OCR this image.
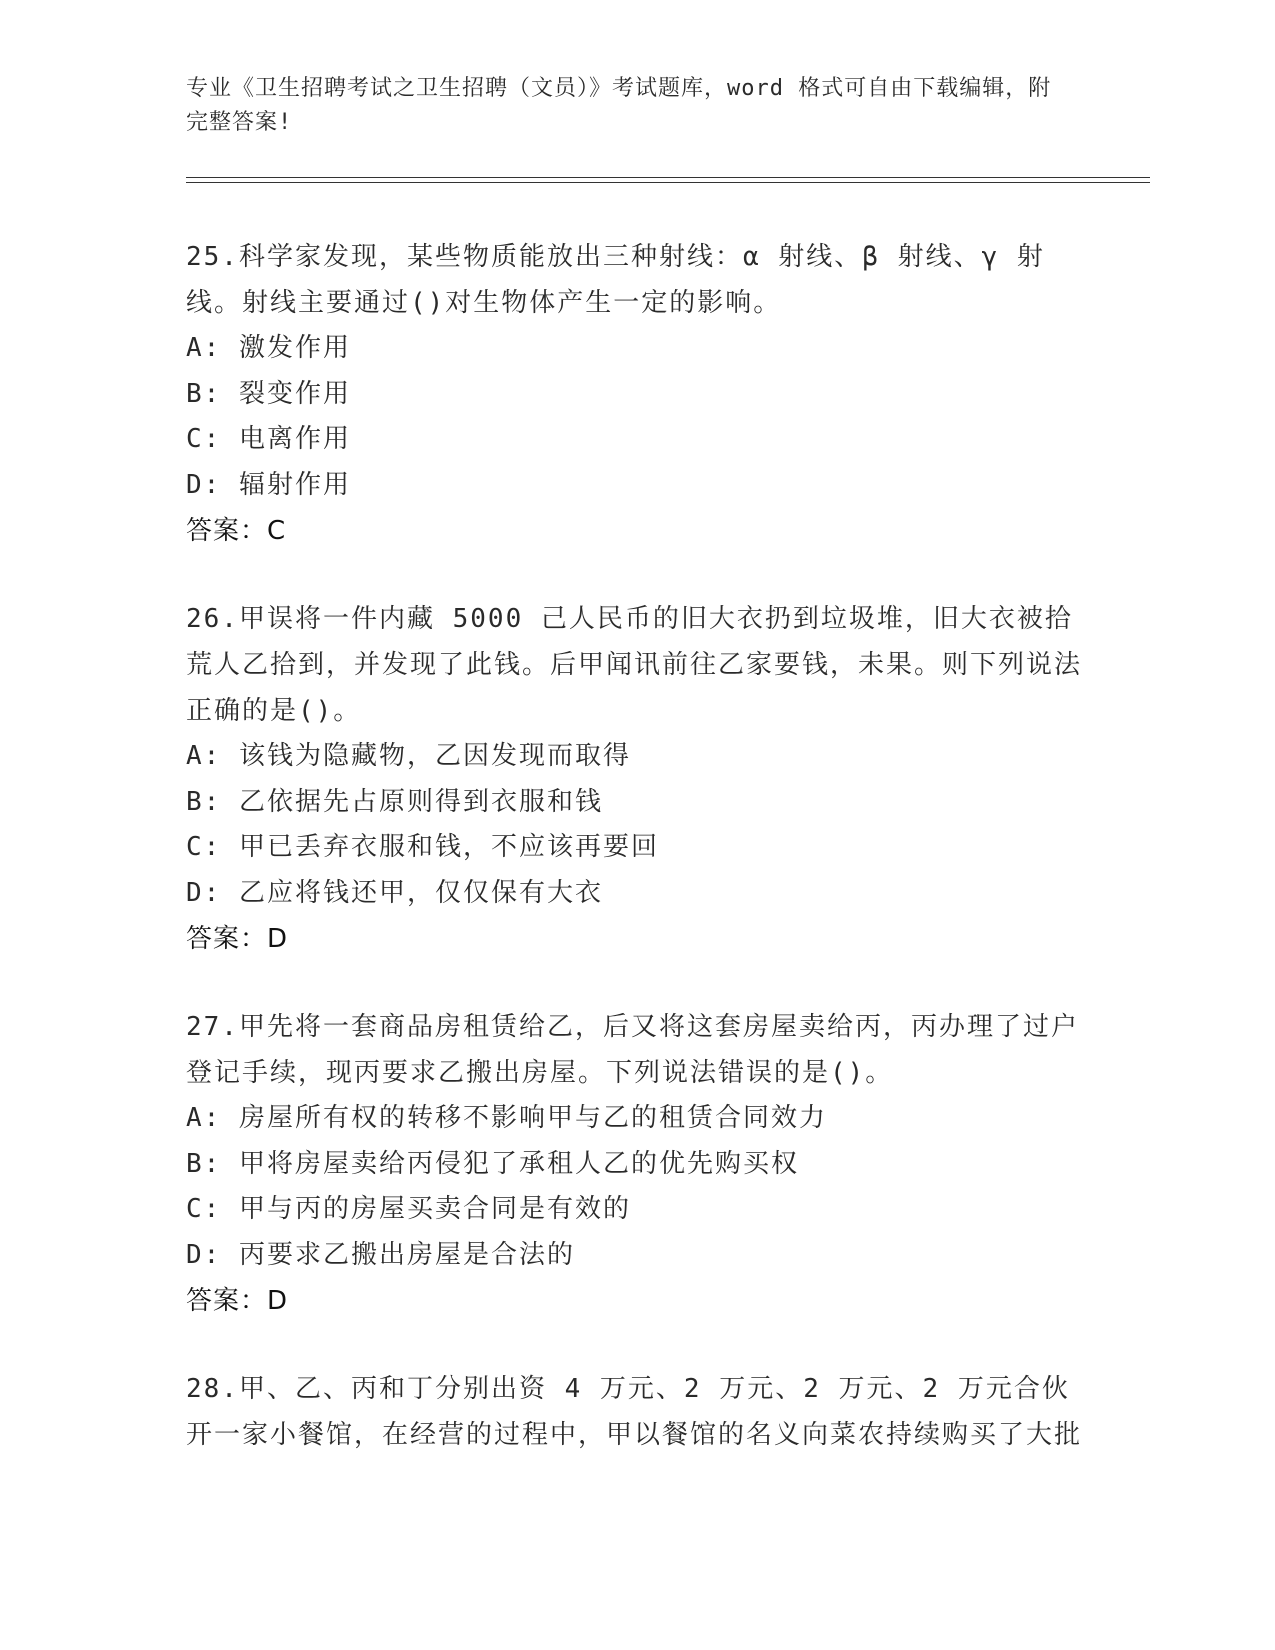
专业《卫生招聘考试之卫生招聘（文员）》考试题库，word 格式可自由下载编辑，附完整答案!

25.科学家发现，某些物质能放出三种射线：α 射线、β 射线、γ 射线。射线主要通过()对生物体产生一定的影响。

A: 激发作用

B: 裂变作用

C: 电离作用

D: 辐射作用

答案：C

26.甲误将一件内藏 5000 己人民币的旧大衣扔到垃圾堆，旧大衣被拾荒人乙拾到，并发现了此钱。后甲闻讯前往乙家要钱，未果。则下列说法正确的是()。

A: 该钱为隐藏物，乙因发现而取得

B: 乙依据先占原则得到衣服和钱

C: 甲已丢弃衣服和钱，不应该再要回

D: 乙应将钱还甲，仅仅保有大衣

答案：D

27.甲先将一套商品房租赁给乙，后又将这套房屋卖给丙，丙办理了过户登记手续，现丙要求乙搬出房屋。下列说法错误的是()。

A: 房屋所有权的转移不影响甲与乙的租赁合同效力

B: 甲将房屋卖给丙侵犯了承租人乙的优先购买权

C: 甲与丙的房屋买卖合同是有效的

D: 丙要求乙搬出房屋是合法的

答案：D

28.甲、乙、丙和丁分别出资 4 万元、2 万元、2 万元、2 万元合伙开一家小餐馆，在经营的过程中，甲以餐馆的名义向菜农持续购买了大批
